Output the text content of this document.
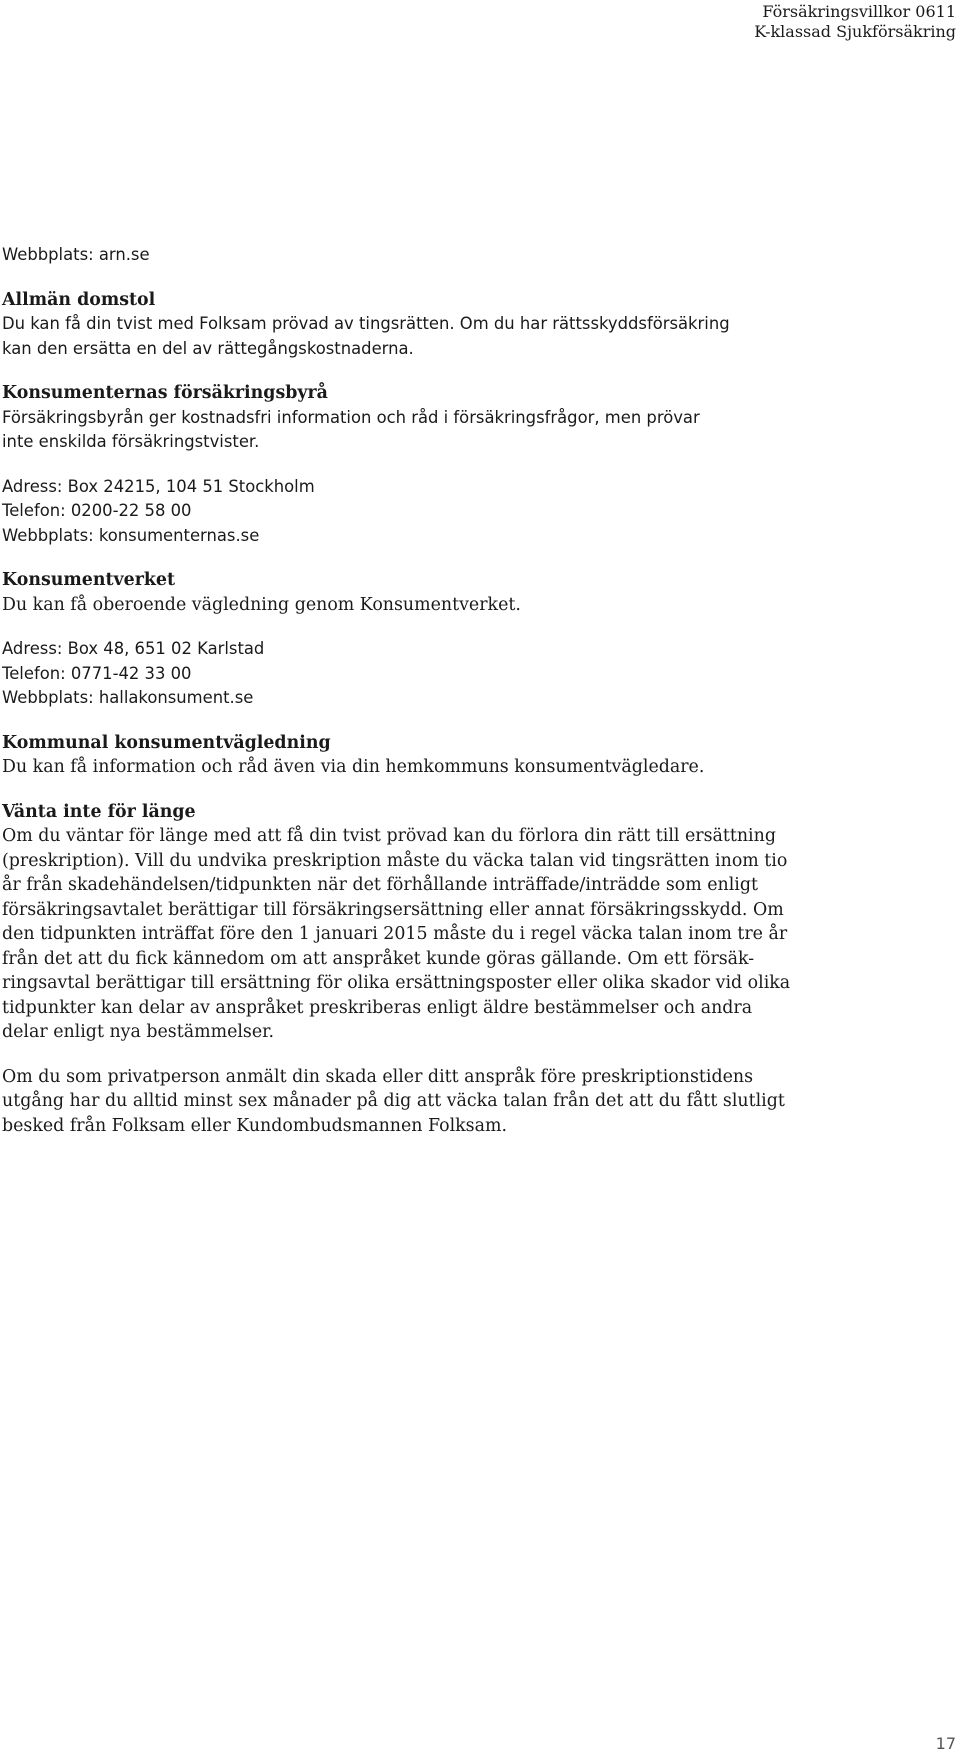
Försäkringsvillkor 0611
K-klassad Sjukförsäkring

Webbplats: arn.se

Allmän domstol

Du kan få din tvist med Folksam prövad av tingsrätten. Om du har rättsskyddsförsäkring

kan den ersätta en del av rättegångskostnaderna.

Konsumenternas försäkringsbyrå

Försäkringsbyrån ger kostnadsfri information och råd i försäkringsfrågor, men prövar

inte enskilda försäkringstvister.

Adress: Box 24215, 104 51 Stockholm

Telefon: 0200-22 58 00

Webbplats: konsumenternas.se

Konsumentverket

Du kan få oberoende vägledning genom Konsumentverket.

Adress: Box 48, 651 02 Karlstad

Telefon: 0771-42 33 00

Webbplats: hallakonsument.se

Kommunal konsumentvägledning

Du kan få information och råd även via din hemkommuns konsumentvägledare.

Vänta inte för länge

Om du väntar för länge med att få din tvist prövad kan du förlora din rätt till ersättning

(preskription). Vill du undvika preskription måste du väcka talan vid tingsrätten inom tio

år från skadehändelsen/tidpunkten när det förhållande inträffade/inträdde som enligt

försäkringsavtalet berättigar till försäkringsersättning eller annat försäkringsskydd. Om

den tidpunkten inträffat före den 1 januari 2015 måste du i regel väcka talan inom tre år

från det att du fick kännedom om att anspråket kunde göras gällande. Om ett försäk-

ringsavtal berättigar till ersättning för olika ersättningsposter eller olika skador vid olika

tidpunkter kan delar av anspråket preskriberas enligt äldre bestämmelser och andra

delar enligt nya bestämmelser.

Om du som privatperson anmält din skada eller ditt anspråk före preskriptionstidens

utgång har du alltid minst sex månader på dig att väcka talan från det att du fått slutligt

besked från Folksam eller Kundombudsmannen Folksam.

17
